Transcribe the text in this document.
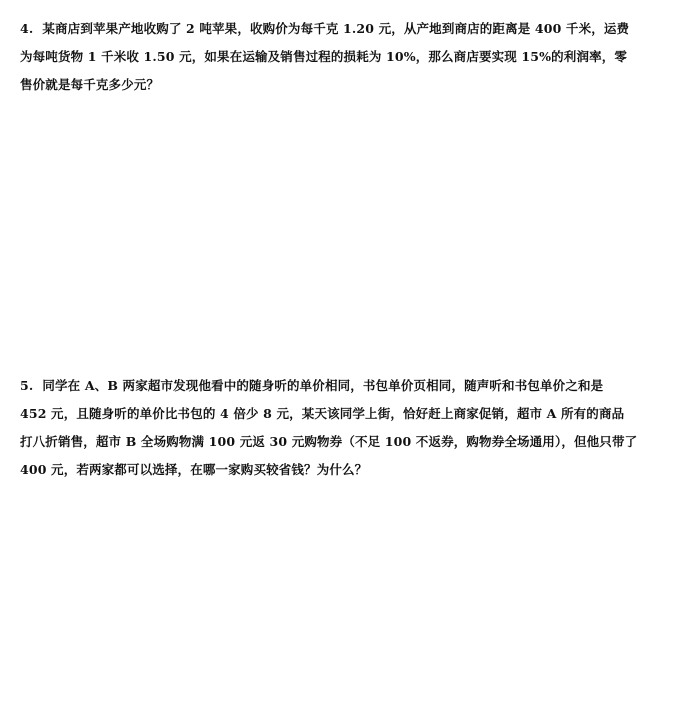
4. 某商店到苹果产地收购了 2 吨苹果，收购价为每千克 1.20 元，从产地到商店的距离是 400 千米，运费
为每吨货物 1 千米收 1.50 元，如果在运输及销售过程的损耗为 10%，那么商店要实现 15%的利润率，零
售价就是每千克多少元？
5. 同学在 A、B 两家超市发现他看中的随身听的单价相同，书包单价页相同，随声听和书包单价之和是
452 元，且随身听的单价比书包的 4 倍少 8 元，某天该同学上街，恰好赶上商家促销，超市 A 所有的商品
打八折销售，超市 B 全场购物满 100 元返 30 元购物券（不足 100 不返券，购物券全场通用），但他只带了
400 元，若两家都可以选择，在哪一家购买较省钱？为什么？
